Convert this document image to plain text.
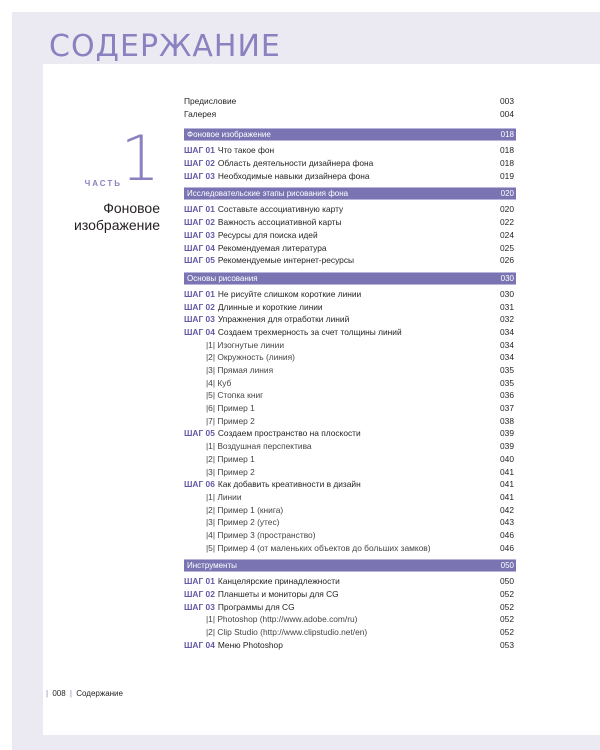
СОДЕРЖАНИЕ
1
ЧАСТЬ
Фоновое изображение
Предисловие	003
Галерея	004
Фоновое изображение	018
ШАГ 01 Что такое фон	018
ШАГ 02 Область деятельности дизайнера фона	018
ШАГ 03 Необходимые навыки дизайнера фона	019
Исследовательские этапы рисования фона	020
ШАГ 01 Составьте ассоциативную карту	020
ШАГ 02 Важность ассоциативной карты	022
ШАГ 03 Ресурсы для поиска идей	024
ШАГ 04 Рекомендуемая литература	025
ШАГ 05 Рекомендуемые интернет-ресурсы	026
Основы рисования	030
ШАГ 01 Не рисуйте слишком короткие линии	030
ШАГ 02 Длинные и короткие линии	031
ШАГ 03 Упражнения для отработки линий	032
ШАГ 04 Создаем трехмерность за счет толщины линий	034
|1| Изогнутые линии	034
|2| Окружность (линия)	034
|3| Прямая линия	035
|4| Куб	035
|5| Стопка книг	036
|6| Пример 1	037
|7| Пример 2	038
ШАГ 05 Создаем пространство на плоскости	039
|1| Воздушная перспектива	039
|2| Пример 1	040
|3| Пример 2	041
ШАГ 06 Как добавить креативности в дизайн	041
|1| Линии	041
|2| Пример 1 (книга)	042
|3| Пример 2 (утес)	043
|4| Пример 3 (пространство)	046
|5| Пример 4 (от маленьких объектов до больших замков)	046
Инструменты	050
ШАГ 01 Канцелярские принадлежности	050
ШАГ 02 Планшеты и мониторы для CG	052
ШАГ 03 Программы для CG	052
|1| Photoshop (http://www.adobe.com/ru)	052
|2| Clip Studio (http://www.clipstudio.net/en)	052
ШАГ 04 Меню Photoshop	053
| 008 | Содержание
